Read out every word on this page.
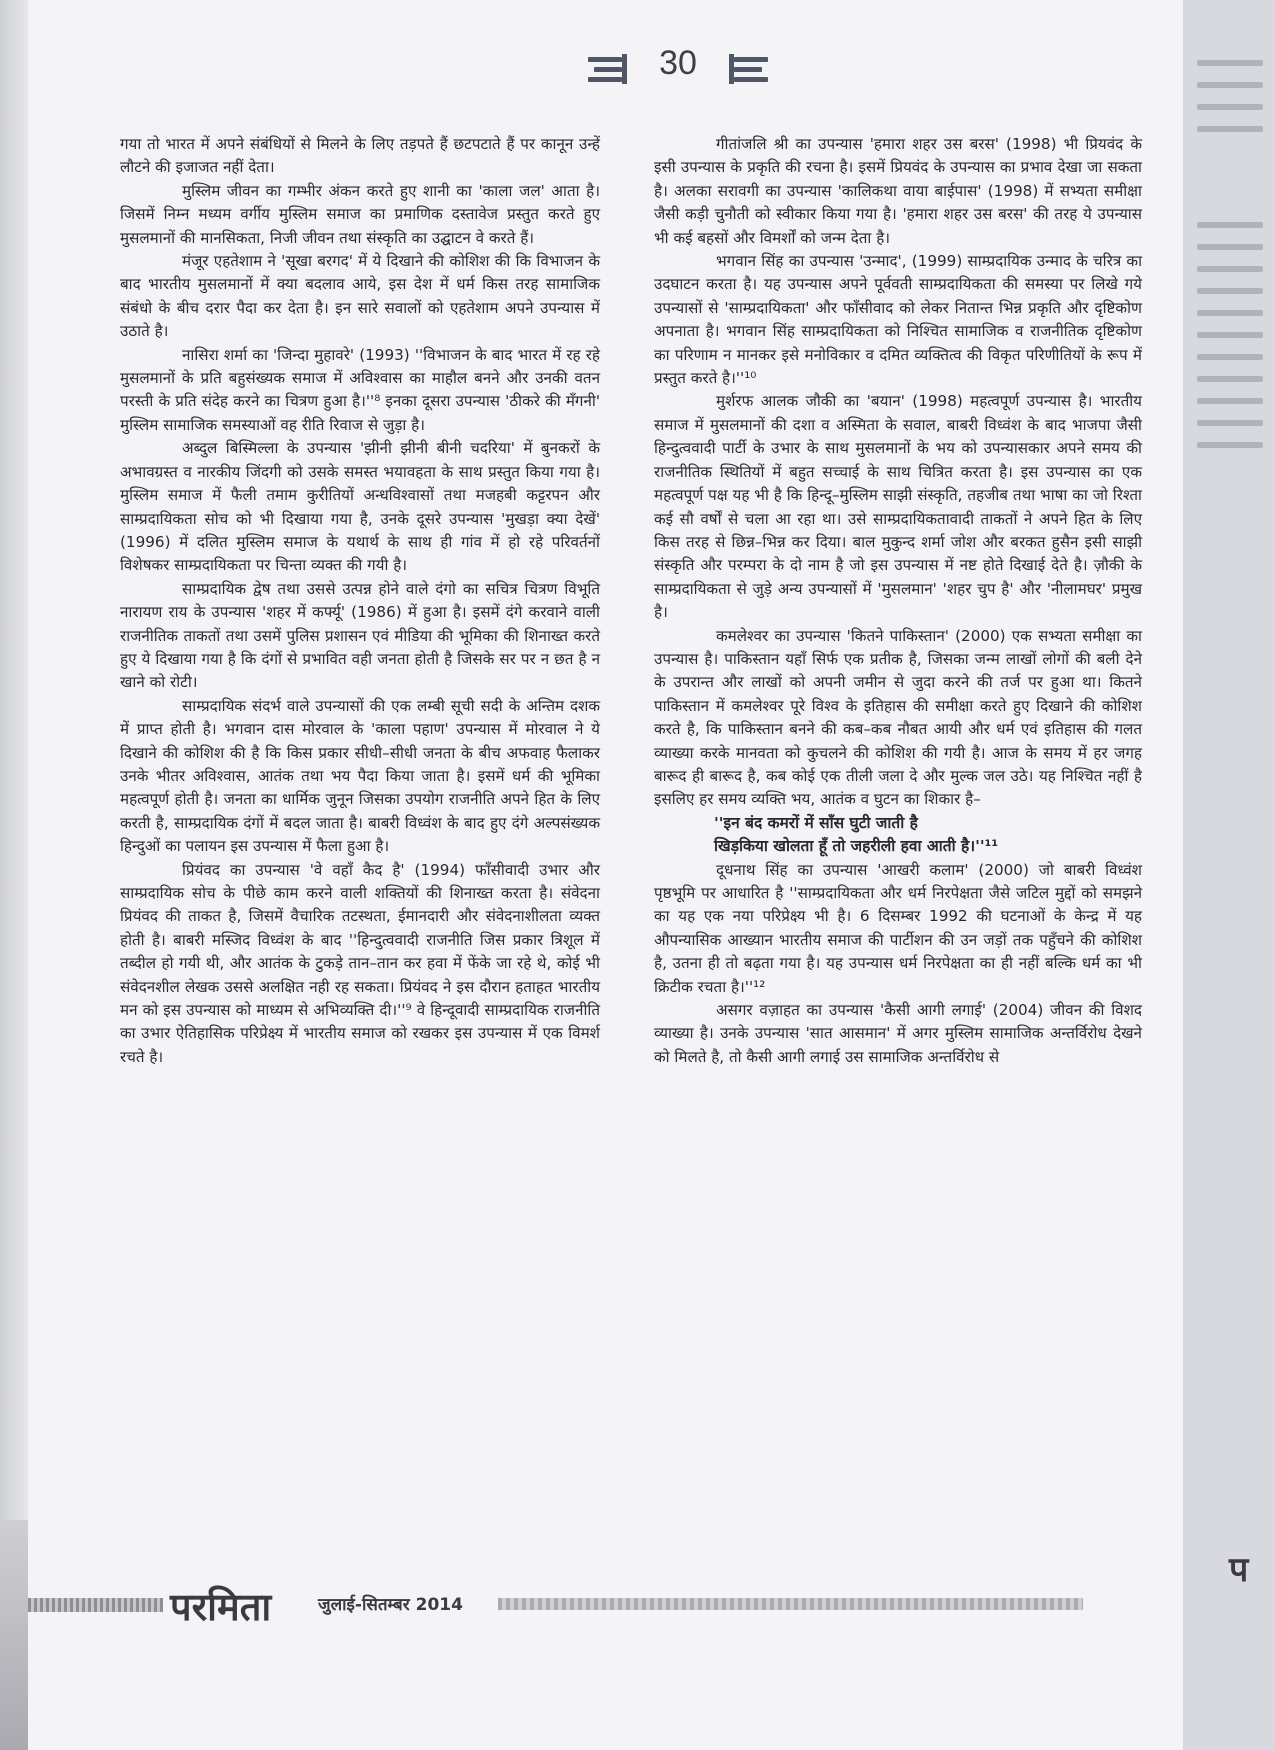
प
30

गया तो भारत में अपने संबंधियों से मिलने के लिए तड़पते हैं छटपटाते हैं पर कानून उन्हें लौटने की इजाजत नहीं देता।

मुस्लिम जीवन का गम्भीर अंकन करते हुए शानी का 'काला जल' आता है। जिसमें निम्न मध्यम वर्गीय मुस्लिम समाज का प्रमाणिक दस्तावेज प्रस्तुत करते हुए मुसलमानों की मानसिकता, निजी जीवन तथा संस्कृति का उद्घाटन वे करते हैं।

मंजूर एहतेशाम ने 'सूखा बरगद' में ये दिखाने की कोशिश की कि विभाजन के बाद भारतीय मुसलमानों में क्या बदलाव आये, इस देश में धर्म किस तरह सामाजिक संबंधो के बीच दरार पैदा कर देता है। इन सारे सवालों को एहतेशाम अपने उपन्यास में उठाते है।

नासिरा शर्मा का 'जिन्दा मुहावरे' (1993) ''विभाजन के बाद भारत में रह रहे मुसलमानों के प्रति बहुसंख्यक समाज में अविश्वास का माहौल बनने और उनकी वतन परस्ती के प्रति संदेह करने का चित्रण हुआ है।''⁸ इनका दूसरा उपन्यास 'ठीकरे की मँगनी' मुस्लिम सामाजिक समस्याओं वह रीति रिवाज से जुड़ा है।

अब्दुल बिस्मिल्ला के उपन्यास 'झीनी झीनी बीनी चदरिया' में बुनकरों के अभावग्रस्त व नारकीय जिंदगी को उसके समस्त भयावहता के साथ प्रस्तुत किया गया है। मुस्लिम समाज में फैली तमाम कुरीतियों अन्धविश्वासों तथा मजहबी कट्टरपन और साम्प्रदायिकता सोच को भी दिखाया गया है, उनके दूसरे उपन्यास 'मुखड़ा क्या देखें' (1996) में दलित मुस्लिम समाज के यथार्थ के साथ ही गांव में हो रहे परिवर्तनों विशेषकर साम्प्रदायिकता पर चिन्ता व्यक्त की गयी है।

साम्प्रदायिक द्वेष तथा उससे उत्पन्न होने वाले दंगो का सचित्र चित्रण विभूति नारायण राय के उपन्यास 'शहर में कर्फ्यू' (1986) में हुआ है। इसमें दंगे करवाने वाली राजनीतिक ताकतों तथा उसमें पुलिस प्रशासन एवं मीडिया की भूमिका की शिनाख्त करते हुए ये दिखाया गया है कि दंगों से प्रभावित वही जनता होती है जिसके सर पर न छत है न खाने को रोटी।

साम्प्रदायिक संदर्भ वाले उपन्यासों की एक लम्बी सूची सदी के अन्तिम दशक में प्राप्त होती है। भगवान दास मोरवाल के 'काला पहाण' उपन्यास में मोरवाल ने ये दिखाने की कोशिश की है कि किस प्रकार सीधी–सीधी जनता के बीच अफवाह फैलाकर उनके भीतर अविश्वास, आतंक तथा भय पैदा किया जाता है। इसमें धर्म की भूमिका महत्वपूर्ण होती है। जनता का धार्मिक जुनून जिसका उपयोग राजनीति अपने हित के लिए करती है, साम्प्रदायिक दंगों में बदल जाता है। बाबरी विध्वंश के बाद हुए दंगे अल्पसंख्यक हिन्दुओं का पलायन इस उपन्यास में फैला हुआ है।

प्रियंवद का उपन्यास 'वे वहाँ कैद है' (1994) फाँसीवादी उभार और साम्प्रदायिक सोच के पीछे काम करने वाली शक्तियों की शिनाख्त करता है। संवेदना प्रियंवद की ताकत है, जिसमें वैचारिक तटस्थता, ईमानदारी और संवेदनाशीलता व्यक्त होती है। बाबरी मस्जिद विध्वंश के बाद ''हिन्दुत्ववादी राजनीति जिस प्रकार त्रिशूल में तब्दील हो गयी थी, और आतंक के टुकड़े तान–तान कर हवा में फेंके जा रहे थे, कोई भी संवेदनशील लेखक उससे अलक्षित नही रह सकता। प्रियंवद ने इस दौरान हताहत भारतीय मन को इस उपन्यास को माध्यम से अभिव्यक्ति दी।''⁹ वे हिन्दूवादी साम्प्रदायिक राजनीति का उभार ऐतिहासिक परिप्रेक्ष्य में भारतीय समाज को रखकर इस उपन्यास में एक विमर्श रचते है।

गीतांजलि श्री का उपन्यास 'हमारा शहर उस बरस' (1998) भी प्रियवंद के इसी उपन्यास के प्रकृति की रचना है। इसमें प्रियवंद के उपन्यास का प्रभाव देखा जा सकता है। अलका सरावगी का उपन्यास 'कालिकथा वाया बाईपास' (1998) में सभ्यता समीक्षा जैसी कड़ी चुनौती को स्वीकार किया गया है। 'हमारा शहर उस बरस' की तरह ये उपन्यास भी कई बहसों और विमर्शों को जन्म देता है।

भगवान सिंह का उपन्यास 'उन्माद', (1999) साम्प्रदायिक उन्माद के चरित्र का उदघाटन करता है। यह उपन्यास अपने पूर्ववती साम्प्रदायिकता की समस्या पर लिखे गये उपन्यासों से 'साम्प्रदायिकता' और फाँसीवाद को लेकर नितान्त भिन्न प्रकृति और दृष्टिकोण अपनाता है। भगवान सिंह साम्प्रदायिकता को निश्चित सामाजिक व राजनीतिक दृष्टिकोण का परिणाम न मानकर इसे मनोविकार व दमित व्यक्तित्व की विकृत परिणीतियों के रूप में प्रस्तुत करते है।''¹⁰

मुर्शरफ आलक जौकी का 'बयान' (1998) महत्वपूर्ण उपन्यास है। भारतीय समाज में मुसलमानों की दशा व अस्मिता के सवाल, बाबरी विध्वंश के बाद भाजपा जैसी हिन्दुत्ववादी पार्टी के उभार के साथ मुसलमानों के भय को उपन्यासकार अपने समय की राजनीतिक स्थितियों में बहुत सच्चाई के साथ चित्रित करता है। इस उपन्यास का एक महत्वपूर्ण पक्ष यह भी है कि हिन्दू–मुस्लिम साझी संस्कृति, तहजीब तथा भाषा का जो रिश्ता कई सौ वर्षों से चला आ रहा था। उसे साम्प्रदायिकतावादी ताकतों ने अपने हित के लिए किस तरह से छिन्न–भिन्न कर दिया। बाल मुकुन्द शर्मा जोश और बरकत हुसैन इसी साझी संस्कृति और परम्परा के दो नाम है जो इस उपन्यास में नष्ट होते दिखाई देते है। ज़ौकी के साम्प्रदायिकता से जुड़े अन्य उपन्यासों में 'मुसलमान' 'शहर चुप है' और 'नीलामघर' प्रमुख है।

कमलेश्वर का उपन्यास 'कितने पाकिस्तान' (2000) एक सभ्यता समीक्षा का उपन्यास है। पाकिस्तान यहाँ सिर्फ एक प्रतीक है, जिसका जन्म लाखों लोगों की बली देने के उपरान्त और लाखों को अपनी जमीन से जुदा करने की तर्ज पर हुआ था। कितने पाकिस्तान में कमलेश्वर पूरे विश्व के इतिहास की समीक्षा करते हुए दिखाने की कोशिश करते है, कि पाकिस्तान बनने की कब–कब नौबत आयी और धर्म एवं इतिहास की गलत व्याख्या करके मानवता को कुचलने की कोशिश की गयी है। आज के समय में हर जगह बारूद ही बारूद है, कब कोई एक तीली जला दे और मुल्क जल उठे। यह निश्चित नहीं है इसलिए हर समय व्यक्ति भय, आतंक व घुटन का शिकार है–

''इन बंद कमरों में साँस घुटी जाती है

खिड़किया खोलता हूँ तो जहरीली हवा आती है।''¹¹

दूधनाथ सिंह का उपन्यास 'आखरी कलाम' (2000) जो बाबरी विध्वंश पृष्ठभूमि पर आधारित है ''साम्प्रदायिकता और धर्म निरपेक्षता जैसे जटिल मुद्दों को समझने का यह एक नया परिप्रेक्ष्य भी है। 6 दिसम्बर 1992 की घटनाओं के केन्द्र में यह औपन्यासिक आख्यान भारतीय समाज की पार्टीशन की उन जड़ों तक पहुँचने की कोशिश है, उतना ही तो बढ़ता गया है। यह उपन्यास धर्म निरपेक्षता का ही नहीं बल्कि धर्म का भी क्रिटीक रचता है।''¹²

असगर वज़ाहत का उपन्यास 'कैसी आगी लगाई' (2004) जीवन की विशद व्याख्या है। उनके उपन्यास 'सात आसमान' में अगर मुस्लिम सामाजिक अन्तर्विरोध देखने को मिलते है, तो कैसी आगी लगाई उस सामाजिक अन्तर्विरोध से

परमिता	जुलाई-सितम्बर 2014
